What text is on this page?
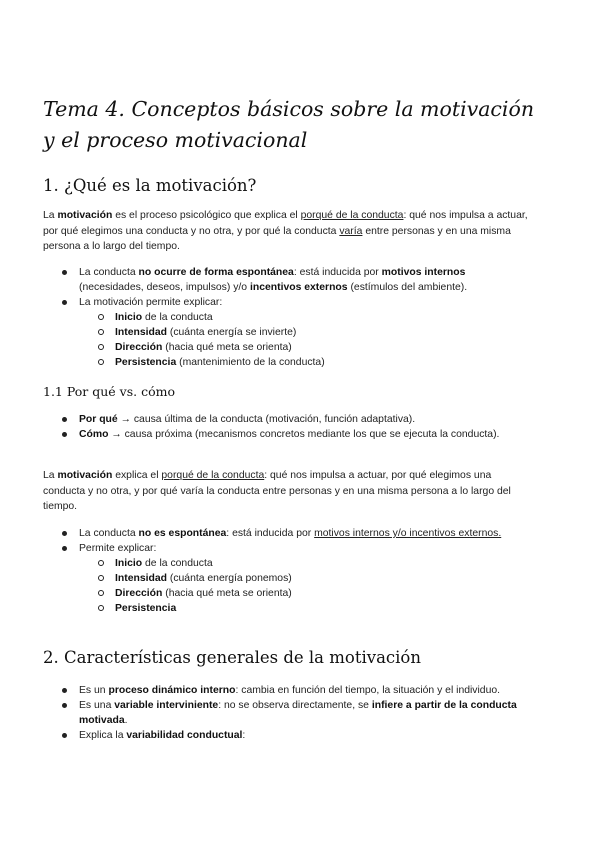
Tema 4. Conceptos básicos sobre la motivación y el proceso motivacional
1. ¿Qué es la motivación?

La motivación es el proceso psicológico que explica el porqué de la conducta: qué nos impulsa a actuar, por qué elegimos una conducta y no otra, y por qué la conducta varía entre personas y en una misma persona a lo largo del tiempo.

La conducta no ocurre de forma espontánea: está inducida por motivos internos (necesidades, deseos, impulsos) y/o incentivos externos (estímulos del ambiente).
La motivación permite explicar:
Inicio de la conducta
Intensidad (cuánta energía se invierte)
Dirección (hacia qué meta se orienta)
Persistencia (mantenimiento de la conducta)
1.1 Por qué vs. cómo
Por qué → causa última de la conducta (motivación, función adaptativa).
Cómo → causa próxima (mecanismos concretos mediante los que se ejecuta la conducta).

La motivación explica el porqué de la conducta: qué nos impulsa a actuar, por qué elegimos una conducta y no otra, y por qué varía la conducta entre personas y en una misma persona a lo largo del tiempo.

La conducta no es espontánea: está inducida por motivos internos y/o incentivos externos.
Permite explicar:
Inicio de la conducta
Intensidad (cuánta energía ponemos)
Dirección (hacia qué meta se orienta)
Persistencia
2. Características generales de la motivación
Es un proceso dinámico interno: cambia en función del tiempo, la situación y el individuo.
Es una variable interviniente: no se observa directamente, se infiere a partir de la conducta motivada.
Explica la variabilidad conductual:
